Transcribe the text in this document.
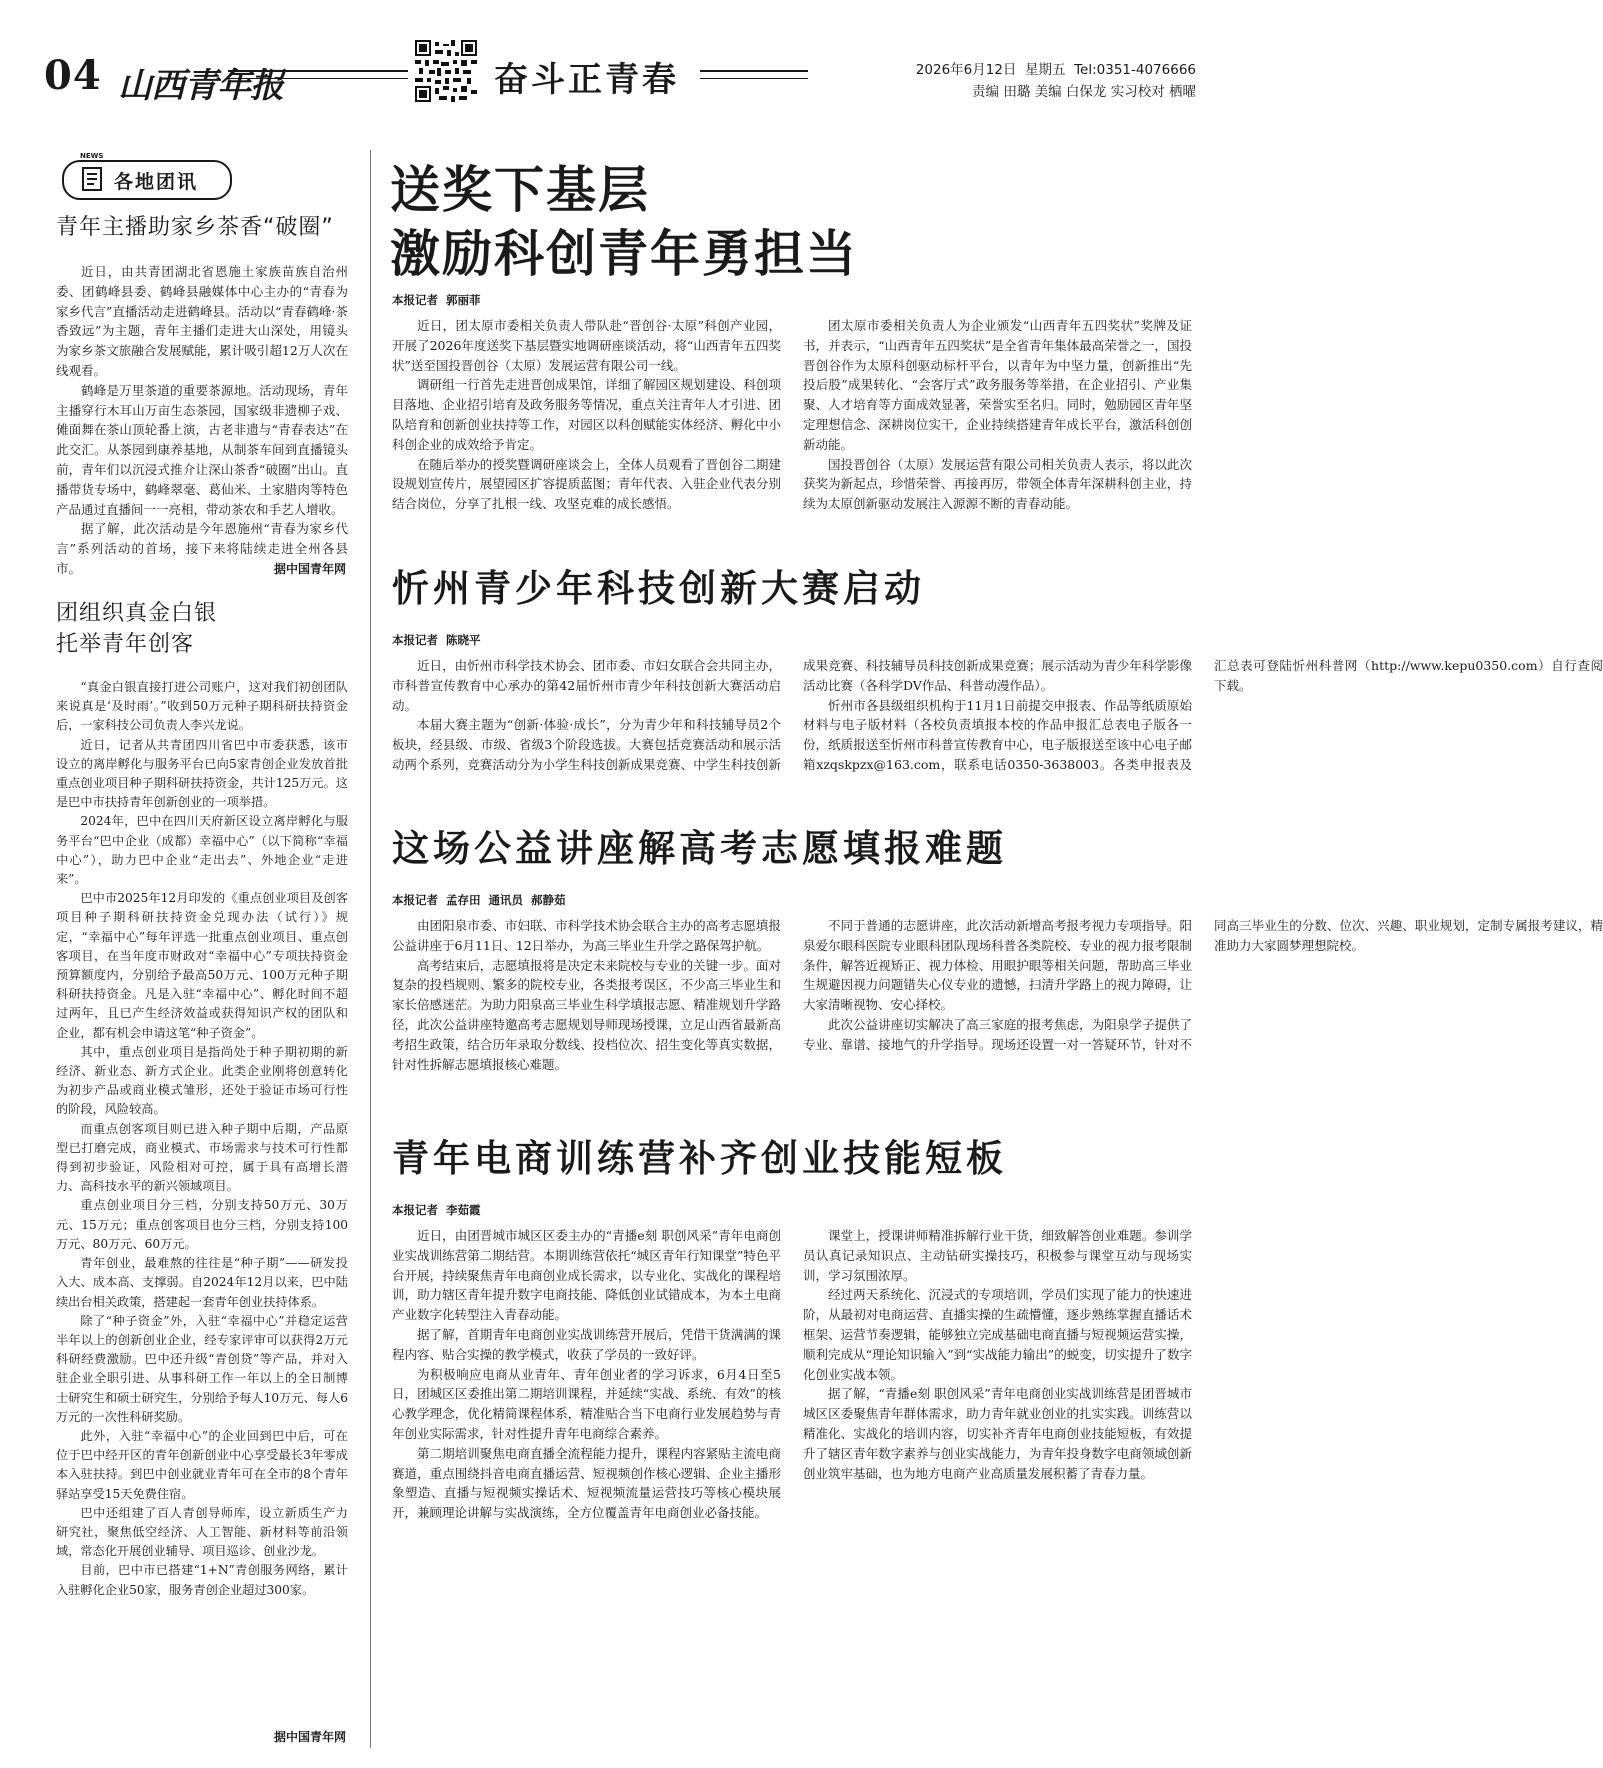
04 山西青年报	奋斗正青春	2026年6月12日  星期五  Tel:0351-4076666
责编 田璐 美编 白保龙 实习校对 栖曜
NEWS
各地团讯
青年主播助家乡茶香“破圈”

近日，由共青团湖北省恩施土家族苗族自治州委、团鹤峰县委、鹤峰县融媒体中心主办的“青春为家乡代言”直播活动走进鹤峰县。活动以“青春鹤峰·茶香致远”为主题，青年主播们走进大山深处，用镜头为家乡茶文旅融合发展赋能，累计吸引超12万人次在线观看。

鹤峰是万里茶道的重要茶源地。活动现场，青年主播穿行木耳山万亩生态茶园，国家级非遗柳子戏、傩面舞在茶山顶轮番上演，古老非遗与“青春表达”在此交汇。从茶园到康养基地，从制茶车间到直播镜头前，青年们以沉浸式推介让深山茶香“破圈”出山。直播带货专场中，鹤峰翠毫、葛仙米、土家腊肉等特色产品通过直播间一一亮相，带动茶农和手艺人增收。

据了解，此次活动是今年恩施州“青春为家乡代言”系列活动的首场，接下来将陆续走进全州各县市。	据中国青年网
团组织真金白银
托举青年创客

“真金白银直接打进公司账户，这对我们初创团队来说真是‘及时雨’。”收到50万元种子期科研扶持资金后，一家科技公司负责人李兴龙说。

近日，记者从共青团四川省巴中市委获悉，该市设立的离岸孵化与服务平台已向5家青创企业发放首批重点创业项目种子期科研扶持资金，共计125万元。这是巴中市扶持青年创新创业的一项举措。

2024年，巴中在四川天府新区设立离岸孵化与服务平台“巴中企业（成都）幸福中心”（以下简称“幸福中心”），助力巴中企业“走出去”、外地企业“走进来”。

巴中市2025年12月印发的《重点创业项目及创客项目种子期科研扶持资金兑现办法（试行）》规定，“幸福中心”每年评选一批重点创业项目、重点创客项目，在当年度市财政对“幸福中心”专项扶持资金预算额度内，分别给予最高50万元、100万元种子期科研扶持资金。凡是入驻“幸福中心”、孵化时间不超过两年，且已产生经济效益或获得知识产权的团队和企业，都有机会申请这笔“种子资金”。

其中，重点创业项目是指尚处于种子期初期的新经济、新业态、新方式企业。此类企业刚将创意转化为初步产品或商业模式雏形，还处于验证市场可行性的阶段，风险较高。

而重点创客项目则已进入种子期中后期，产品原型已打磨完成，商业模式、市场需求与技术可行性都得到初步验证，风险相对可控，属于具有高增长潜力、高科技水平的新兴领域项目。

重点创业项目分三档，分别支持50万元、30万元、15万元；重点创客项目也分三档，分别支持100万元、80万元、60万元。

青年创业，最难熬的往往是“种子期”——研发投入大、成本高、支撑弱。自2024年12月以来，巴中陆续出台相关政策，搭建起一套青年创业扶持体系。

除了“种子资金”外，入驻“幸福中心”并稳定运营半年以上的创新创业企业，经专家评审可以获得2万元科研经费激励。巴中还升级“青创贷”等产品，并对入驻企业全职引进、从事科研工作一年以上的全日制博士研究生和硕士研究生，分别给予每人10万元、每人6万元的一次性科研奖励。

此外，入驻“幸福中心”的企业回到巴中后，可在位于巴中经开区的青年创新创业中心享受最长3年零成本入驻扶持。到巴中创业就业青年可在全市的8个青年驿站享受15天免费住宿。

巴中还组建了百人青创导师库，设立新质生产力研究社，聚焦低空经济、人工智能、新材料等前沿领域，常态化开展创业辅导、项目巡诊、创业沙龙。

目前，巴中市已搭建“1+N”青创服务网络，累计入驻孵化企业50家，服务青创企业超过300家。

据中国青年网
送奖下基层
激励科创青年勇担当
本报记者  郭丽菲

近日，团太原市委相关负责人带队赴“晋创谷·太原”科创产业园，开展了2026年度送奖下基层暨实地调研座谈活动，将“山西青年五四奖状”送至国投晋创谷（太原）发展运营有限公司一线。

调研组一行首先走进晋创成果馆，详细了解园区规划建设、科创项目落地、企业招引培育及政务服务等情况，重点关注青年人才引进、团队培育和创新创业扶持等工作，对园区以科创赋能实体经济、孵化中小科创企业的成效给予肯定。

在随后举办的授奖暨调研座谈会上，全体人员观看了晋创谷二期建设规划宣传片，展望园区扩容提质蓝图；青年代表、入驻企业代表分别结合岗位，分享了扎根一线、攻坚克难的成长感悟。

团太原市委相关负责人为企业颁发“山西青年五四奖状”奖牌及证书，并表示，“山西青年五四奖状”是全省青年集体最高荣誉之一，国投晋创谷作为太原科创驱动标杆平台，以青年为中坚力量，创新推出“先投后股”成果转化、“会客厅式”政务服务等举措，在企业招引、产业集聚、人才培育等方面成效显著，荣誉实至名归。同时，勉励园区青年坚定理想信念、深耕岗位实干，企业持续搭建青年成长平台，激活科创创新动能。

国投晋创谷（太原）发展运营有限公司相关负责人表示，将以此次获奖为新起点，珍惜荣誉、再接再厉，带领全体青年深耕科创主业，持续为太原创新驱动发展注入源源不断的青春动能。

忻州青少年科技创新大赛启动
本报记者  陈晓平

近日，由忻州市科学技术协会、团市委、市妇女联合会共同主办，市科普宣传教育中心承办的第42届忻州市青少年科技创新大赛活动启动。

本届大赛主题为“创新·体验·成长”，分为青少年和科技辅导员2个板块，经县级、市级、省级3个阶段选拔。大赛包括竞赛活动和展示活动两个系列，竞赛活动分为小学生科技创新成果竞赛、中学生科技创新成果竞赛、科技辅导员科技创新成果竞赛；展示活动为青少年科学影像活动比赛（各科学DV作品、科普动漫作品）。

忻州市各县级组织机构于11月1日前提交申报表、作品等纸质原始材料与电子版材料（各校负责填报本校的作品申报汇总表电子版各一份，纸质报送至忻州市科普宣传教育中心，电子版报送至该中心电子邮箱xzqskpzx@163.com，联系电话0350-3638003。各类申报表及汇总表可登陆忻州科普网（http://www.kepu0350.com）自行查阅下载。

这场公益讲座解高考志愿填报难题
本报记者  孟存田  通讯员  郝静茹

由团阳泉市委、市妇联、市科学技术协会联合主办的高考志愿填报公益讲座于6月11日、12日举办，为高三毕业生升学之路保驾护航。

高考结束后，志愿填报将是决定未来院校与专业的关键一步。面对复杂的投档规则、繁多的院校专业，各类报考误区，不少高三毕业生和家长倍感迷茫。为助力阳泉高三毕业生科学填报志愿、精准规划升学路径，此次公益讲座特邀高考志愿规划导师现场授课，立足山西省最新高考招生政策，结合历年录取分数线、投档位次、招生变化等真实数据，针对性拆解志愿填报核心难题。

不同于普通的志愿讲座，此次活动新增高考报考视力专项指导。阳泉爱尔眼科医院专业眼科团队现场科普各类院校、专业的视力报考限制条件，解答近视矫正、视力体检、用眼护眼等相关问题，帮助高三毕业生规避因视力问题错失心仪专业的遗憾，扫清升学路上的视力障碍，让大家清晰视物、安心择校。

此次公益讲座切实解决了高三家庭的报考焦虑，为阳泉学子提供了专业、靠谱、接地气的升学指导。现场还设置一对一答疑环节，针对不同高三毕业生的分数、位次、兴趣、职业规划，定制专属报考建议，精准助力大家圆梦理想院校。

青年电商训练营补齐创业技能短板
本报记者  李茹霞

近日，由团晋城市城区区委主办的“青播e刻 职创风采”青年电商创业实战训练营第二期结营。本期训练营依托“城区青年行知课堂”特色平台开展，持续聚焦青年电商创业成长需求，以专业化、实战化的课程培训，助力辖区青年提升数字电商技能、降低创业试错成本，为本土电商产业数字化转型注入青春动能。

据了解，首期青年电商创业实战训练营开展后，凭借干货满满的课程内容、贴合实操的教学模式，收获了学员的一致好评。

为积极响应电商从业青年、青年创业者的学习诉求，6月4日至5日，团城区区委推出第二期培训课程，并延续“实战、系统、有效”的核心教学理念，优化精简课程体系，精准贴合当下电商行业发展趋势与青年创业实际需求，针对性提升青年电商综合素养。

第二期培训聚焦电商直播全流程能力提升，课程内容紧贴主流电商赛道，重点围绕抖音电商直播运营、短视频创作核心逻辑、企业主播形象塑造、直播与短视频实操话术、短视频流量运营技巧等核心模块展开，兼顾理论讲解与实战演练，全方位覆盖青年电商创业必备技能。

课堂上，授课讲师精准拆解行业干货，细致解答创业难题。参训学员认真记录知识点、主动钻研实操技巧，积极参与课堂互动与现场实训，学习氛围浓厚。

经过两天系统化、沉浸式的专项培训，学员们实现了能力的快速进阶，从最初对电商运营、直播实操的生疏懵懂，逐步熟练掌握直播话术框架、运营节奏逻辑，能够独立完成基础电商直播与短视频运营实操，顺利完成从“理论知识输入”到“实战能力输出”的蜕变，切实提升了数字化创业实战本领。

据了解，“青播e刻 职创风采”青年电商创业实战训练营是团晋城市城区区委聚焦青年群体需求，助力青年就业创业的扎实实践。训练营以精准化、实战化的培训内容，切实补齐青年电商创业技能短板，有效提升了辖区青年数字素养与创业实战能力，为青年投身数字电商领域创新创业筑牢基础，也为地方电商产业高质量发展积蓄了青春力量。
